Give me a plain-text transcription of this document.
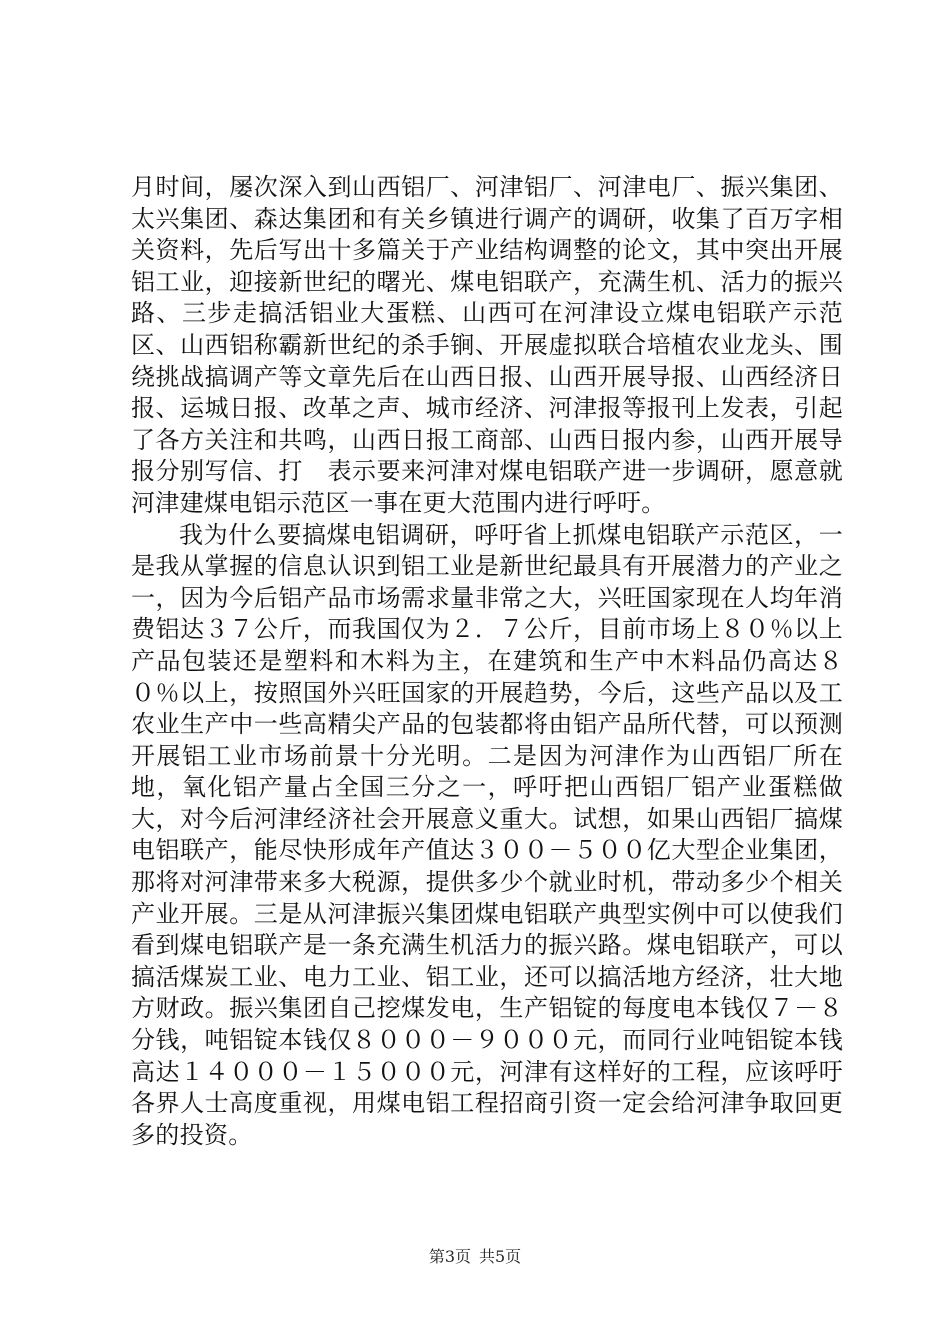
月时间，屡次深入到山西铝厂、河津铝厂、河津电厂、振兴集团、太兴集团、森达集团和有关乡镇进行调产的调研，收集了百万字相关资料，先后写出十多篇关于产业结构调整的论文，其中突出开展铝工业，迎接新世纪的曙光、煤电铝联产，充满生机、活力的振兴路、三步走搞活铝业大蛋糕、山西可在河津设立煤电铝联产示范区、山西铝称霸新世纪的杀手锏、开展虚拟联合培植农业龙头、围绕挑战搞调产等文章先后在山西日报、山西开展导报、山西经济日报、运城日报、改革之声、城市经济、河津报等报刊上发表，引起了各方关注和共鸣，山西日报工商部、山西日报内参，山西开展导报分别写信、打　表示要来河津对煤电铝联产进一步调研，愿意就河津建煤电铝示范区一事在更大范围内进行呼吁。

我为什么要搞煤电铝调研，呼吁省上抓煤电铝联产示范区，一是我从掌握的信息认识到铝工业是新世纪最具有开展潜力的产业之一，因为今后铝产品市场需求量非常之大，兴旺国家现在人均年消费铝达３７公斤，而我国仅为２．７公斤，目前市场上８０％以上产品包装还是塑料和木料为主，在建筑和生产中木料品仍高达８０％以上，按照国外兴旺国家的开展趋势，今后，这些产品以及工农业生产中一些高精尖产品的包装都将由铝产品所代替，可以预测开展铝工业市场前景十分光明。二是因为河津作为山西铝厂所在地，氧化铝产量占全国三分之一，呼吁把山西铝厂铝产业蛋糕做大，对今后河津经济社会开展意义重大。试想，如果山西铝厂搞煤电铝联产，能尽快形成年产值达３００－５００亿大型企业集团，那将对河津带来多大税源，提供多少个就业时机，带动多少个相关产业开展。三是从河津振兴集团煤电铝联产典型实例中可以使我们看到煤电铝联产是一条充满生机活力的振兴路。煤电铝联产，可以搞活煤炭工业、电力工业、铝工业，还可以搞活地方经济，壮大地方财政。振兴集团自己挖煤发电，生产铝锭的每度电本钱仅７－８分钱，吨铝锭本钱仅８０００－９０００元，而同行业吨铝锭本钱高达１４０００－１５０００元，河津有这样好的工程，应该呼吁各界人士高度重视，用煤电铝工程招商引资一定会给河津争取回更多的投资。

第3页 共5页
